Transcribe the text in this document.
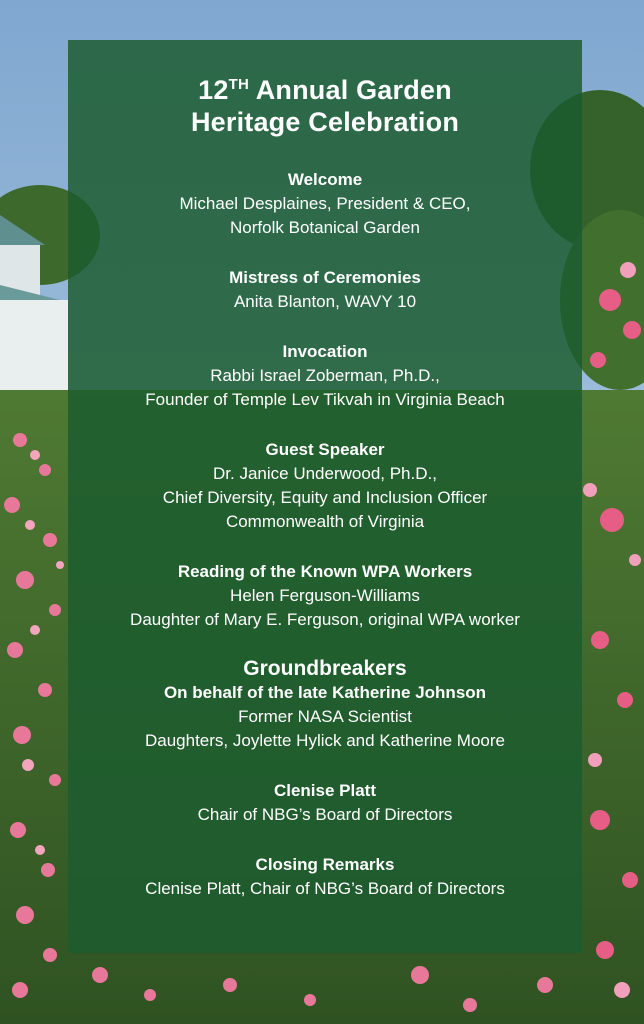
12TH Annual Garden
Heritage Celebration
Welcome
Michael Desplaines, President & CEO,
Norfolk Botanical Garden
Mistress of Ceremonies
Anita Blanton, WAVY 10
Invocation
Rabbi Israel Zoberman, Ph.D.,
Founder of Temple Lev Tikvah in Virginia Beach
Guest Speaker
Dr. Janice Underwood, Ph.D.,
Chief Diversity, Equity and Inclusion Officer
Commonwealth of Virginia
Reading of the Known WPA Workers
Helen Ferguson-Williams
Daughter of Mary E. Ferguson, original WPA worker
Groundbreakers
On behalf of the late Katherine Johnson
Former NASA Scientist
Daughters, Joylette Hylick and Katherine Moore
Clenise Platt
Chair of NBG’s Board of Directors
Closing Remarks
Clenise Platt, Chair of NBG’s Board of Directors
